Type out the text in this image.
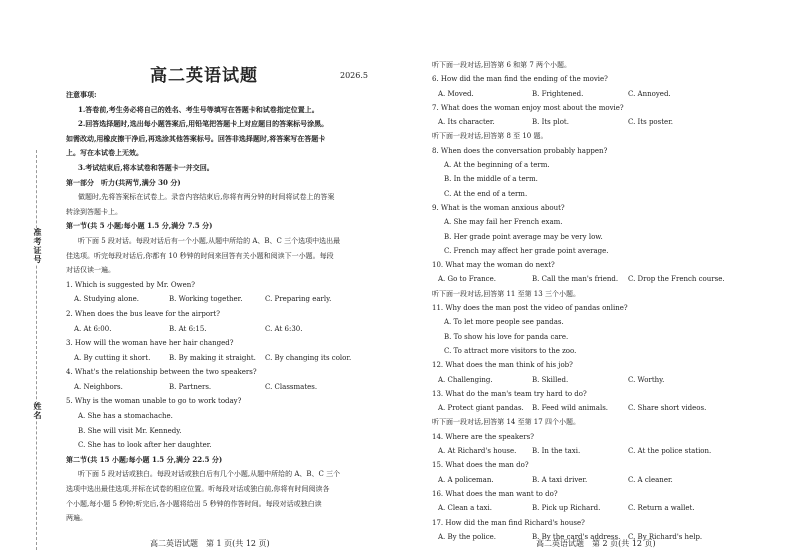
准考证号
姓名
高二英语试题	2026.5
注意事项:
1.答卷前,考生务必将自己的姓名、考生号等填写在答题卡和试卷指定位置上。
2.回答选择题时,选出每小题答案后,用铅笔把答题卡上对应题目的答案标号涂黑。
如需改动,用橡皮擦干净后,再选涂其他答案标号。回答非选择题时,将答案写在答题卡
上。写在本试卷上无效。
3.考试结束后,将本试卷和答题卡一并交回。
第一部分　听力(共两节,满分 30 分)
做题时,先将答案标在试卷上。录音内容结束后,你将有两分钟的时间将试卷上的答案
转涂到答题卡上。
第一节(共 5 小题;每小题 1.5 分,满分 7.5 分)
听下面 5 段对话。每段对话后有一个小题,从题中所给的 A、B、C 三个选项中选出最
佳选项。听完每段对话后,你都有 10 秒钟的时间来回答有关小题和阅读下一小题。每段
对话仅读一遍。
1. Which is suggested by Mr. Owen?
A. Studying alone.	B. Working together.	C. Preparing early.
2. When does the bus leave for the airport?
A. At 6:00.	B. At 6:15.	C. At 6:30.
3. How will the woman have her hair changed?
A. By cutting it short.	B. By making it straight.	C. By changing its color.
4. What's the relationship between the two speakers?
A. Neighbors.	B. Partners.	C. Classmates.
5. Why is the woman unable to go to work today?
A. She has a stomachache.
B. She will visit Mr. Kennedy.
C. She has to look after her daughter.
第二节(共 15 小题;每小题 1.5 分,满分 22.5 分)
听下面 5 段对话或独白。每段对话或独白后有几个小题,从题中所给的 A、B、C 三个
选项中选出最佳选项,并标在试卷的相应位置。听每段对话或独白前,你将有时间阅读各
个小题,每小题 5 秒钟;听完后,各小题将给出 5 秒钟的作答时间。每段对话或独白读
两遍。
听下面一段对话,回答第 6 和第 7 两个小题。
6. How did the man find the ending of the movie?
A. Moved.	B. Frightened.	C. Annoyed.
7. What does the woman enjoy most about the movie?
A. Its character.	B. Its plot.	C. Its poster.
听下面一段对话,回答第 8 至 10 题。
8. When does the conversation probably happen?
A. At the beginning of a term.
B. In the middle of a term.
C. At the end of a term.
9. What is the woman anxious about?
A. She may fail her French exam.
B. Her grade point average may be very low.
C. French may affect her grade point average.
10. What may the woman do next?
A. Go to France.	B. Call the man's friend.	C. Drop the French course.
听下面一段对话,回答第 11 至第 13 三个小题。
11. Why does the man post the video of pandas online?
A. To let more people see pandas.
B. To show his love for panda care.
C. To attract more visitors to the zoo.
12. What does the man think of his job?
A. Challenging.	B. Skilled.	C. Worthy.
13. What do the man's team try hard to do?
A. Protect giant pandas.	B. Feed wild animals.	C. Share short videos.
听下面一段对话,回答第 14 至第 17 四个小题。
14. Where are the speakers?
A. At Richard's house.	B. In the taxi.	C. At the police station.
15. What does the man do?
A. A policeman.	B. A taxi driver.	C. A cleaner.
16. What does the man want to do?
A. Clean a taxi.	B. Pick up Richard.	C. Return a wallet.
17. How did the man find Richard's house?
A. By the police.	B. By the card's address.	C. By Richard's help.
高二英语试题　第 1 页(共 12 页)	高二英语试题　第 2 页(共 12 页)
